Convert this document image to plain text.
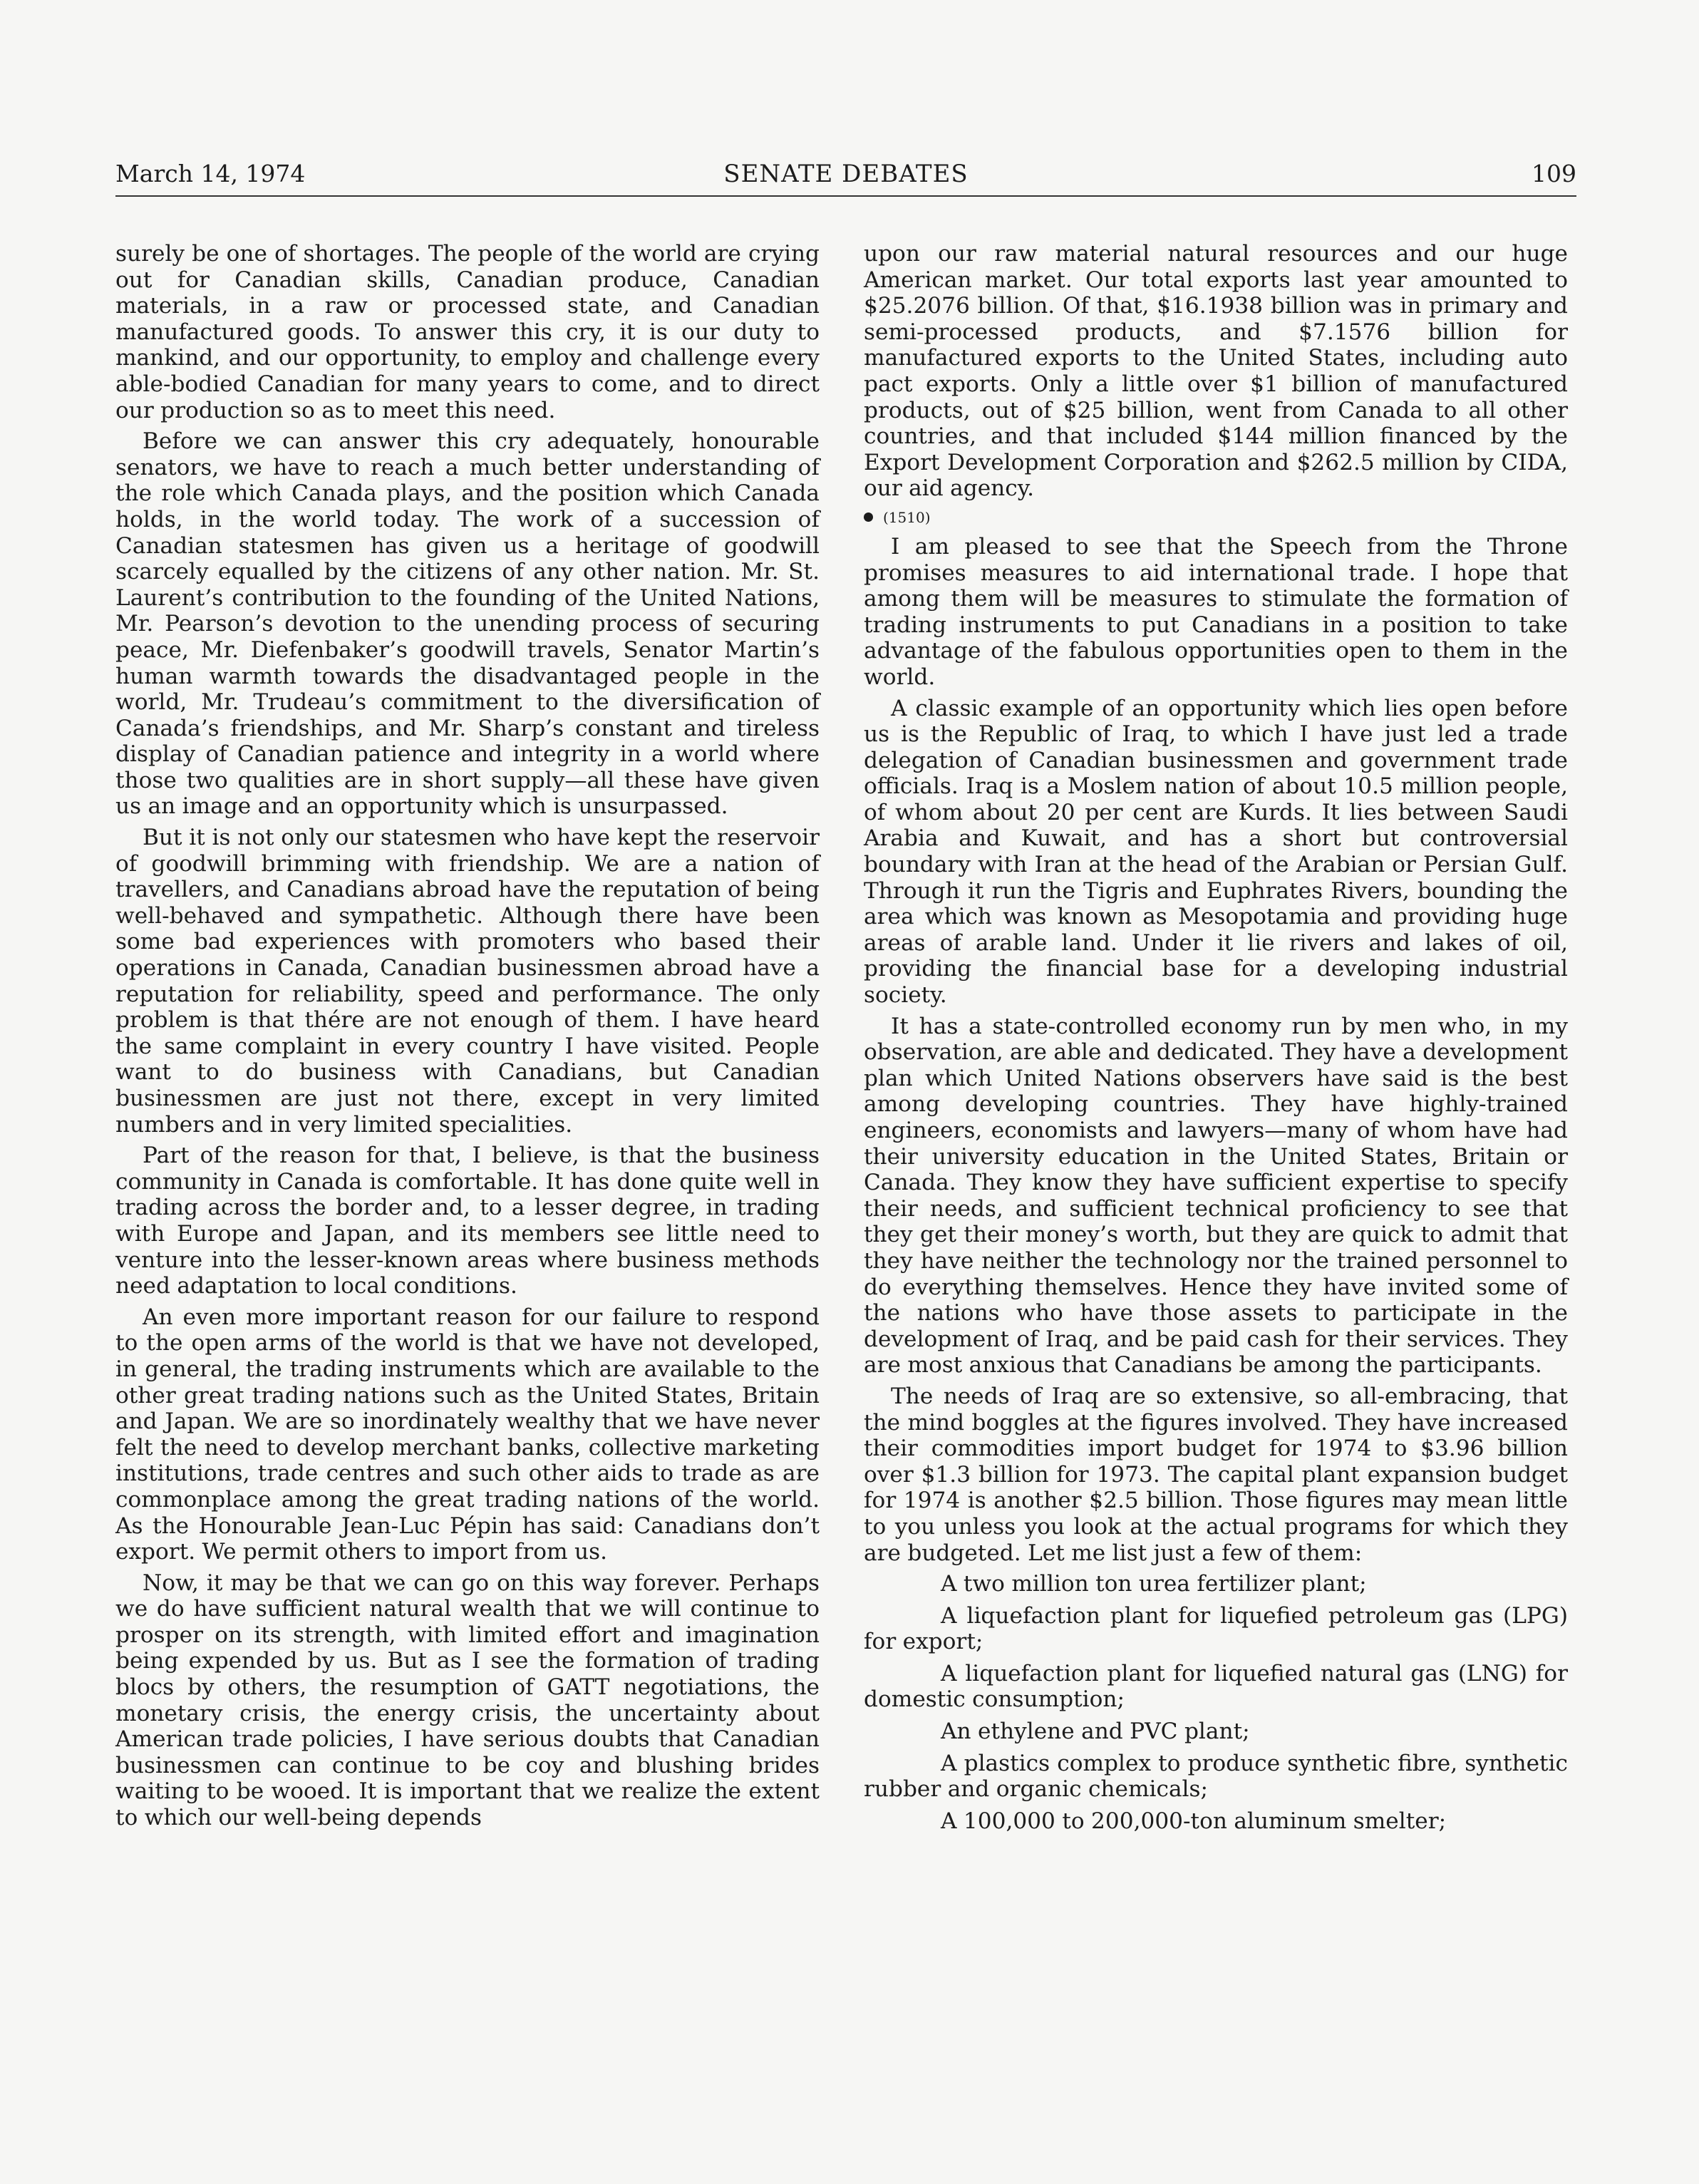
March 14, 1974	SENATE DEBATES	109

surely be one of shortages. The people of the world are crying out for Canadian skills, Canadian produce, Canadian materials, in a raw or processed state, and Canadian manufactured goods. To answer this cry, it is our duty to mankind, and our opportunity, to employ and challenge every able-bodied Canadian for many years to come, and to direct our production so as to meet this need.

Before we can answer this cry adequately, honourable senators, we have to reach a much better understanding of the role which Canada plays, and the position which Canada holds, in the world today. The work of a succession of Canadian statesmen has given us a heritage of goodwill scarcely equalled by the citizens of any other nation. Mr. St. Laurent’s contribution to the founding of the United Nations, Mr. Pearson’s devotion to the unending process of securing peace, Mr. Diefenbaker’s goodwill travels, Senator Martin’s human warmth towards the disadvantaged people in the world, Mr. Trudeau’s commitment to the diversification of Canada’s friendships, and Mr. Sharp’s constant and tireless display of Canadian patience and integrity in a world where those two qualities are in short supply—all these have given us an image and an opportunity which is unsurpassed.

But it is not only our statesmen who have kept the reservoir of goodwill brimming with friendship. We are a nation of travellers, and Canadians abroad have the reputation of being well-behaved and sympathetic. Although there have been some bad experiences with promoters who based their operations in Canada, Canadian businessmen abroad have a reputation for reliability, speed and performance. The only problem is that thére are not enough of them. I have heard the same complaint in every country I have visited. People want to do business with Canadians, but Canadian businessmen are just not there, except in very limited numbers and in very limited specialities.

Part of the reason for that, I believe, is that the business community in Canada is comfortable. It has done quite well in trading across the border and, to a lesser degree, in trading with Europe and Japan, and its members see little need to venture into the lesser-known areas where business methods need adaptation to local conditions.

An even more important reason for our failure to respond to the open arms of the world is that we have not developed, in general, the trading instruments which are available to the other great trading nations such as the United States, Britain and Japan. We are so inordinately wealthy that we have never felt the need to develop merchant banks, collective marketing institutions, trade centres and such other aids to trade as are commonplace among the great trading nations of the world. As the Honourable Jean-Luc Pépin has said: Canadians don’t export. We permit others to import from us.

Now, it may be that we can go on this way forever. Perhaps we do have sufficient natural wealth that we will continue to prosper on its strength, with limited effort and imagination being expended by us. But as I see the formation of trading blocs by others, the resumption of GATT negotiations, the monetary crisis, the energy crisis, the uncertainty about American trade policies, I have serious doubts that Canadian businessmen can continue to be coy and blushing brides waiting to be wooed. It is important that we realize the extent to which our well-being depends

upon our raw material natural resources and our huge American market. Our total exports last year amounted to $25.2076 billion. Of that, $16.1938 billion was in primary and semi-processed products, and $7.1576 billion for manufactured exports to the United States, including auto pact exports. Only a little over $1 billion of manufactured products, out of $25 billion, went from Canada to all other countries, and that included $144 million financed by the Export Development Corporation and $262.5 million by CIDA, our aid agency.

(1510)

I am pleased to see that the Speech from the Throne promises measures to aid international trade. I hope that among them will be measures to stimulate the formation of trading instruments to put Canadians in a position to take advantage of the fabulous opportunities open to them in the world.

A classic example of an opportunity which lies open before us is the Republic of Iraq, to which I have just led a trade delegation of Canadian businessmen and government trade officials. Iraq is a Moslem nation of about 10.5 million people, of whom about 20 per cent are Kurds. It lies between Saudi Arabia and Kuwait, and has a short but controversial boundary with Iran at the head of the Arabian or Persian Gulf. Through it run the Tigris and Euphrates Rivers, bounding the area which was known as Mesopotamia and providing huge areas of arable land. Under it lie rivers and lakes of oil, providing the financial base for a developing industrial society.

It has a state-controlled economy run by men who, in my observation, are able and dedicated. They have a development plan which United Nations observers have said is the best among developing countries. They have highly-trained engineers, economists and lawyers—many of whom have had their university education in the United States, Britain or Canada. They know they have sufficient expertise to specify their needs, and sufficient technical proficiency to see that they get their money’s worth, but they are quick to admit that they have neither the technology nor the trained personnel to do everything themselves. Hence they have invited some of the nations who have those assets to participate in the development of Iraq, and be paid cash for their services. They are most anxious that Canadians be among the participants.

The needs of Iraq are so extensive, so all-embracing, that the mind boggles at the figures involved. They have increased their commodities import budget for 1974 to $3.96 billion over $1.3 billion for 1973. The capital plant expansion budget for 1974 is another $2.5 billion. Those figures may mean little to you unless you look at the actual programs for which they are budgeted. Let me list just a few of them:

A two million ton urea fertilizer plant;

A liquefaction plant for liquefied petroleum gas (LPG) for export;

A liquefaction plant for liquefied natural gas (LNG) for domestic consumption;

An ethylene and PVC plant;

A plastics complex to produce synthetic fibre, synthetic rubber and organic chemicals;

A 100,000 to 200,000-ton aluminum smelter;
